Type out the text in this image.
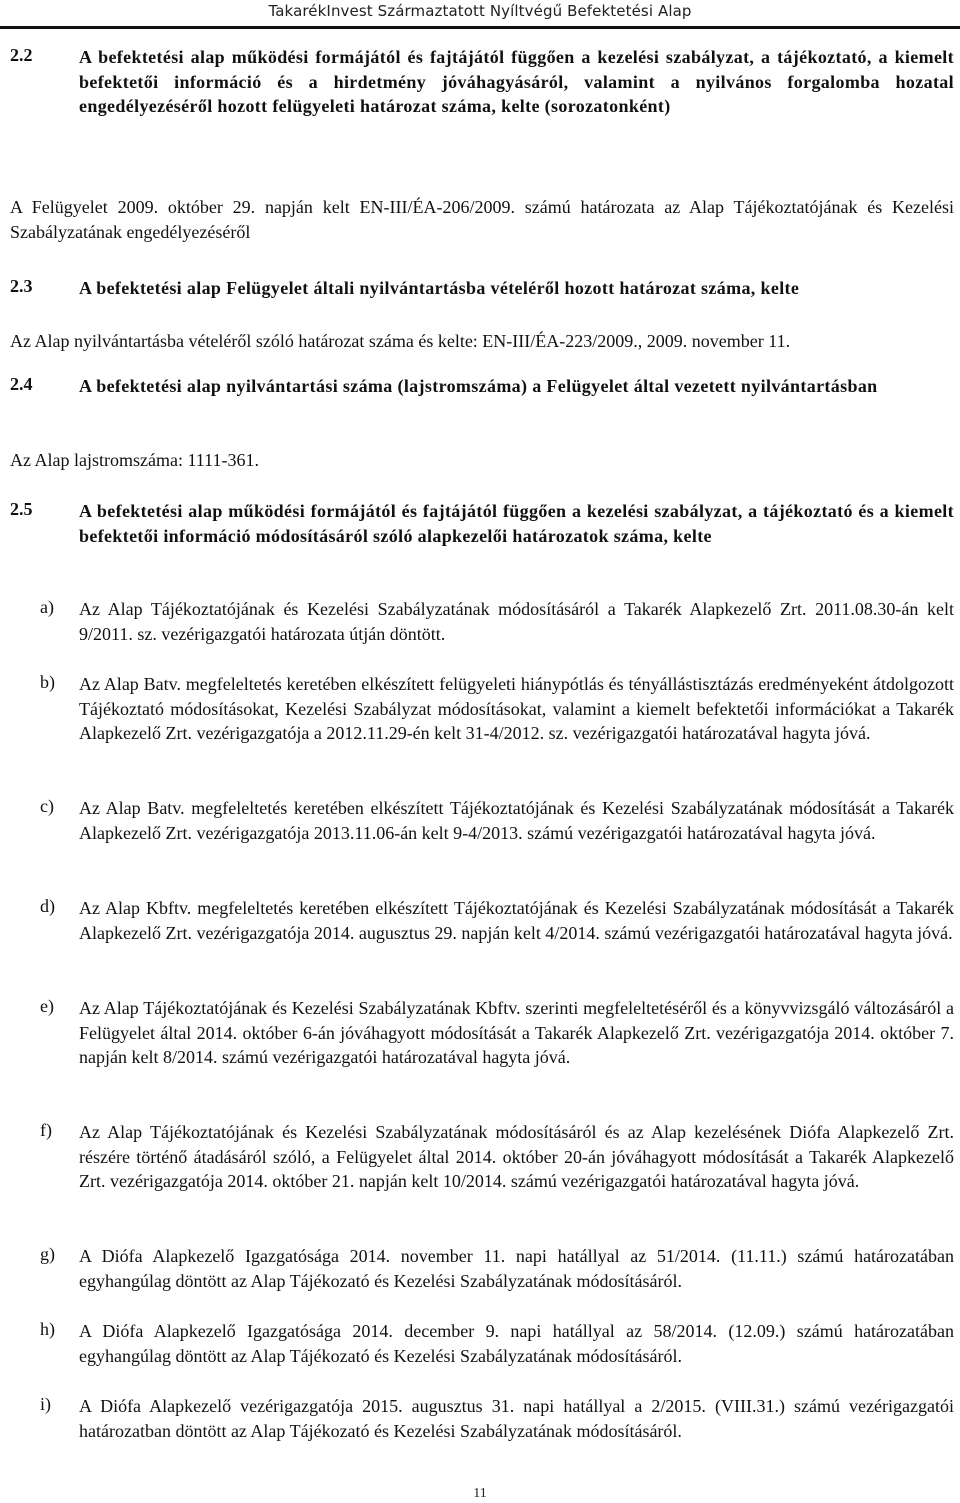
TakarékInvest Származtatott Nyíltvégű Befektetési Alap
2.2	A befektetési alap működési formájától és fajtájától függően a kezelési szabályzat, a tájékoztató, a kiemelt befektetői információ és a hirdetmény jóváhagyásáról, valamint a nyilvános forgalomba hozatal engedélyezéséről hozott felügyeleti határozat száma, kelte (sorozatonként)
A Felügyelet 2009. október 29. napján kelt EN-III/ÉA-206/2009. számú határozata az Alap Tájékoztatójának és Kezelési Szabályzatának engedélyezéséről
2.3	A befektetési alap Felügyelet általi nyilvántartásba vételéről hozott határozat száma, kelte
Az Alap nyilvántartásba vételéről szóló határozat száma és kelte: EN-III/ÉA-223/2009., 2009. november 11.
2.4	A befektetési alap nyilvántartási száma (lajstromszáma) a Felügyelet által vezetett nyilvántartásban
Az Alap lajstromszáma: 1111-361.
2.5	A befektetési alap működési formájától és fajtájától függően a kezelési szabályzat, a tájékoztató és a kiemelt befektetői információ módosításáról szóló alapkezelői határozatok száma, kelte
a) Az Alap Tájékoztatójának és Kezelési Szabályzatának módosításáról a Takarék Alapkezelő Zrt. 2011.08.30-án kelt 9/2011. sz. vezérigazgatói határozata útján döntött.
b) Az Alap Batv. megfeleltetés keretében elkészített felügyeleti hiánypótlás és tényállástisztázás eredményeként átdolgozott Tájékoztató módosításokat, Kezelési Szabályzat módosításokat, valamint a kiemelt befektetői információkat a Takarék Alapkezelő Zrt. vezérigazgatója a 2012.11.29-én kelt 31-4/2012. sz. vezérigazgatói határozatával hagyta jóvá.
c) Az Alap Batv. megfeleltetés keretében elkészített Tájékoztatójának és Kezelési Szabályzatának módosítását a Takarék Alapkezelő Zrt. vezérigazgatója 2013.11.06-án kelt 9-4/2013. számú vezérigazgatói határozatával hagyta jóvá.
d) Az Alap Kbftv. megfeleltetés keretében elkészített Tájékoztatójának és Kezelési Szabályzatának módosítását a Takarék Alapkezelő Zrt. vezérigazgatója 2014. augusztus 29. napján kelt 4/2014. számú vezérigazgatói határozatával hagyta jóvá.
e) Az Alap Tájékoztatójának és Kezelési Szabályzatának Kbftv. szerinti megfeleltetéséről és a könyvvizsgáló változásáról a Felügyelet által 2014. október 6-án jóváhagyott módosítását a Takarék Alapkezelő Zrt. vezérigazgatója 2014. október 7. napján kelt 8/2014. számú vezérigazgatói határozatával hagyta jóvá.
f) Az Alap Tájékoztatójának és Kezelési Szabályzatának módosításáról és az Alap kezelésének Diófa Alapkezelő Zrt. részére történő átadásáról szóló, a Felügyelet által 2014. október 20-án jóváhagyott módosítását a Takarék Alapkezelő Zrt. vezérigazgatója 2014. október 21. napján kelt 10/2014. számú vezérigazgatói határozatával hagyta jóvá.
g) A Diófa Alapkezelő Igazgatósága 2014. november 11. napi hatállyal az 51/2014. (11.11.) számú határozatában egyhangúlag döntött az Alap Tájékozató és Kezelési Szabályzatának módosításáról.
h) A Diófa Alapkezelő Igazgatósága 2014. december 9. napi hatállyal az 58/2014. (12.09.) számú határozatában egyhangúlag döntött az Alap Tájékozató és Kezelési Szabályzatának módosításáról.
i) A Diófa Alapkezelő vezérigazgatója 2015. augusztus 31. napi hatállyal a 2/2015. (VIII.31.) számú vezérigazgatói határozatban döntött az Alap Tájékozató és Kezelési Szabályzatának módosításáról.
11
